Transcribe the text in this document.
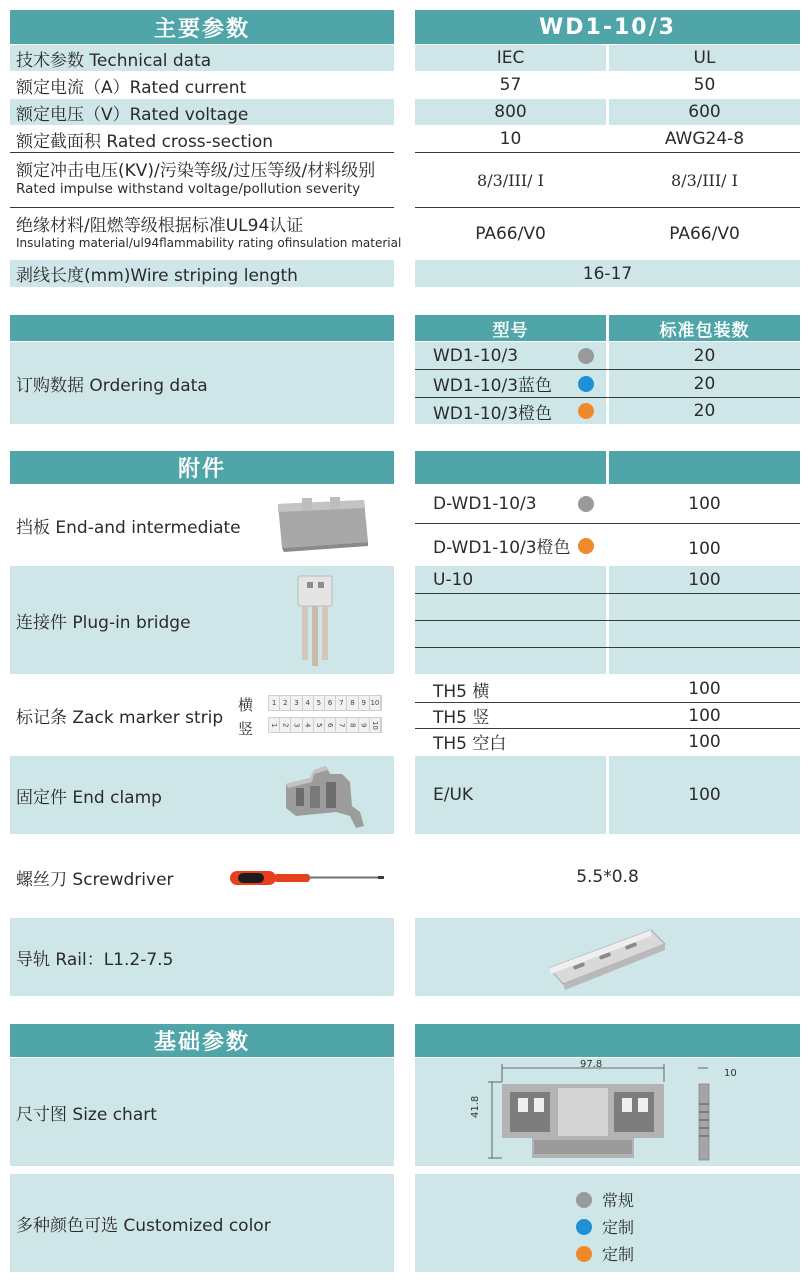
主要参数	WD1-10/3
技术参数 Technical data	IEC	UL
额定电流（A）Rated current	57	50
额定电压（V）Rated voltage	800	600
额定截面积 Rated cross-section	10	AWG24-8
额定冲击电压(KV)/污染等级/过压等级/材料级别
Rated impulse withstand voltage/pollution severity	8/3/III/ I	8/3/III/ I
绝缘材料/阻燃等级根据标准UL94认证
Insulating material/ul94flammability rating ofinsulation material	PA66/V0	PA66/V0
剥线长度(mm)Wire striping length	16-17
型号	标准包装数
订购数据 Ordering data
WD1-10/3	20
WD1-10/3蓝色	20
WD1-10/3橙色	20
附件
挡板 End-and intermediate
D-WD1-10/3	100
D-WD1-10/3橙色	100
连接件 Plug-in bridge
U-10	100
标记条 Zack marker strip
横
竖
1 2 3 4 5 6 7 8 9 10
1 2 3 4 5 6 7 8 9 10
TH5 横	100
TH5 竖	100
TH5 空白	100
固定件 End clamp	E/UK	100
螺丝刀 Screwdriver	5.5*0.8
导轨 Rail：L1.2-7.5
基础参数
尺寸图 Size chart
97.8
41.8
10
多种颜色可选 Customized color
常规
定制
定制
